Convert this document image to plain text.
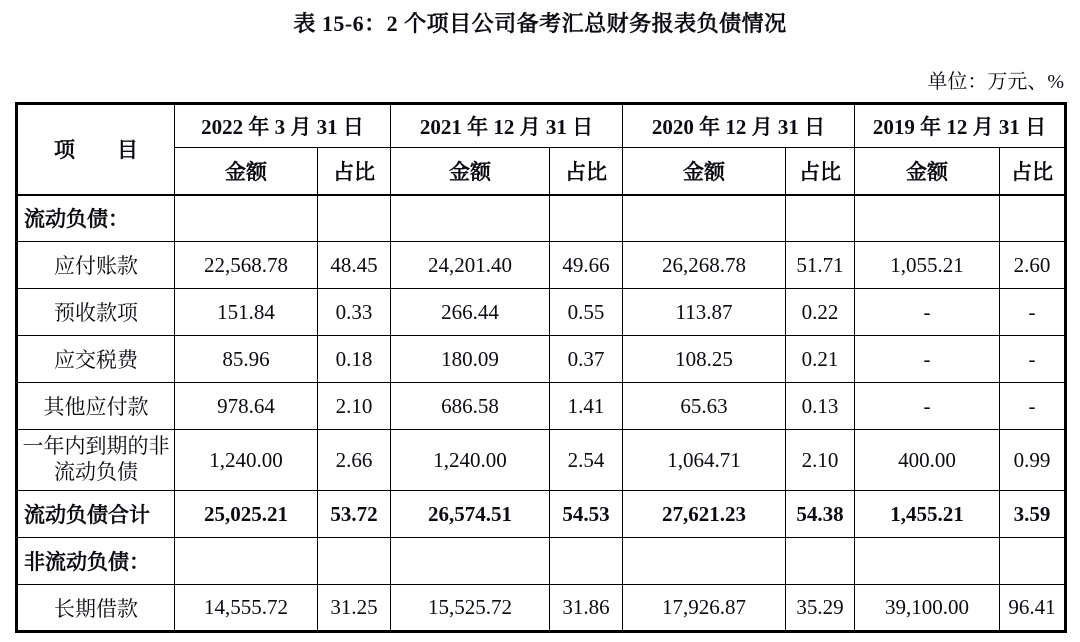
表 15-6：2 个项目公司备考汇总财务报表负债情况
单位：万元、%
项　　目	2022 年 3 月 31 日		2021 年 12 月 31 日		2020 年 12 月 31 日		2019 年 12 月 31 日	
	金额	占比	金额	占比	金额	占比	金额	占比
流动负债：								
应付账款	22,568.78	48.45	24,201.40	49.66	26,268.78	51.71	1,055.21	2.60
预收款项	151.84	0.33	266.44	0.55	113.87	0.22	-	-
应交税费	85.96	0.18	180.09	0.37	108.25	0.21	-	-
其他应付款	978.64	2.10	686.58	1.41	65.63	0.13	-	-
一年内到期的非流动负债	1,240.00	2.66	1,240.00	2.54	1,064.71	2.10	400.00	0.99
流动负债合计	25,025.21	53.72	26,574.51	54.53	27,621.23	54.38	1,455.21	3.59
非流动负债：								
长期借款	14,555.72	31.25	15,525.72	31.86	17,926.87	35.29	39,100.00	96.41
